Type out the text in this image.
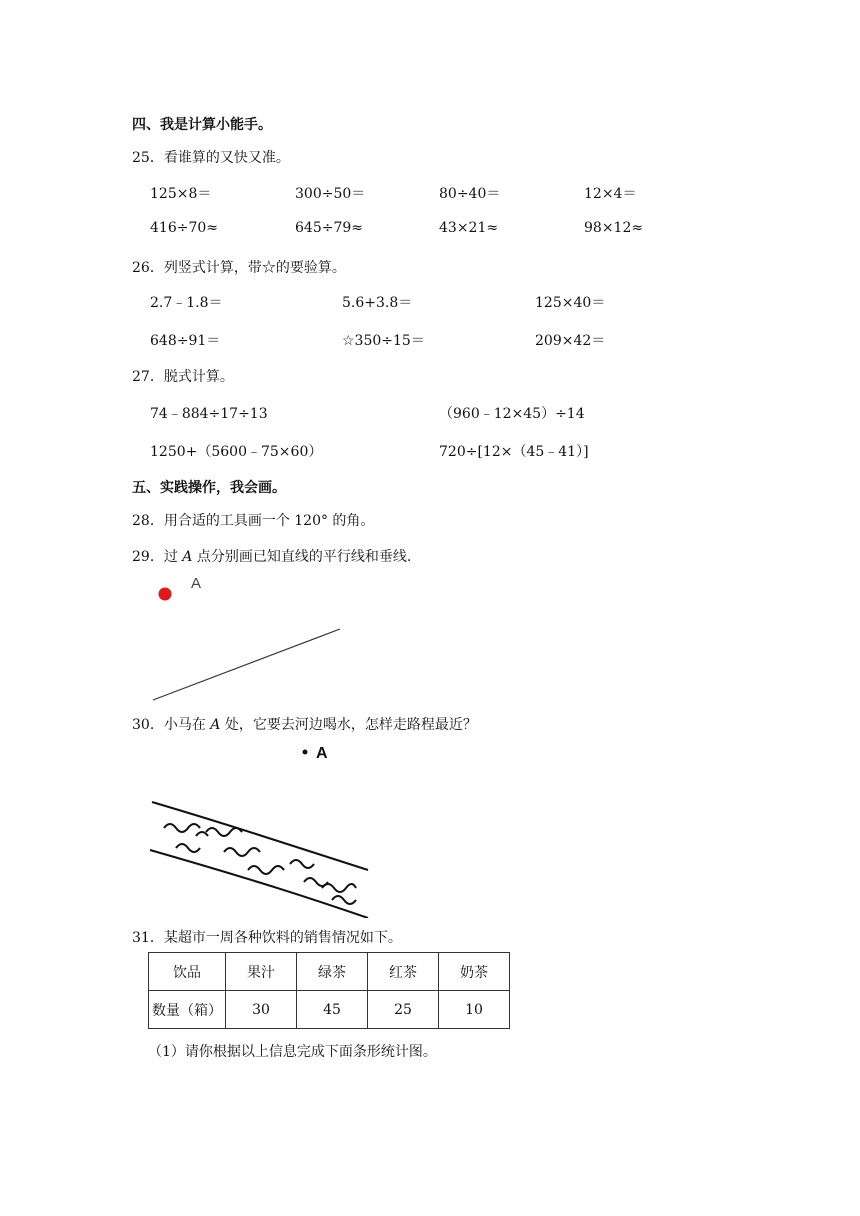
四、我是计算小能手。
25．看谁算的又快又准。
125×8＝	300÷50＝	80÷40＝	12×4＝
416÷70≈	645÷79≈	43×21≈	98×12≈
26．列竖式计算，带☆的要验算。
2.7﹣1.8＝	5.6+3.8＝	125×40＝
648÷91＝	☆350÷15＝	209×42＝
27．脱式计算。
74﹣884÷17÷13	（960﹣12×45）÷14
1250+（5600﹣75×60）	720÷[12×（45﹣41）]
五、实践操作，我会画。
28．用合适的工具画一个 120° 的角。
29．过 A 点分别画已知直线的平行线和垂线.
A
30．小马在 A 处，它要去河边喝水，怎样走路程最近？
A
31．某超市一周各种饮料的销售情况如下。
饮品	果汁	绿茶	红茶	奶茶
数量（箱）	30	45	25	10
（1）请你根据以上信息完成下面条形统计图。
